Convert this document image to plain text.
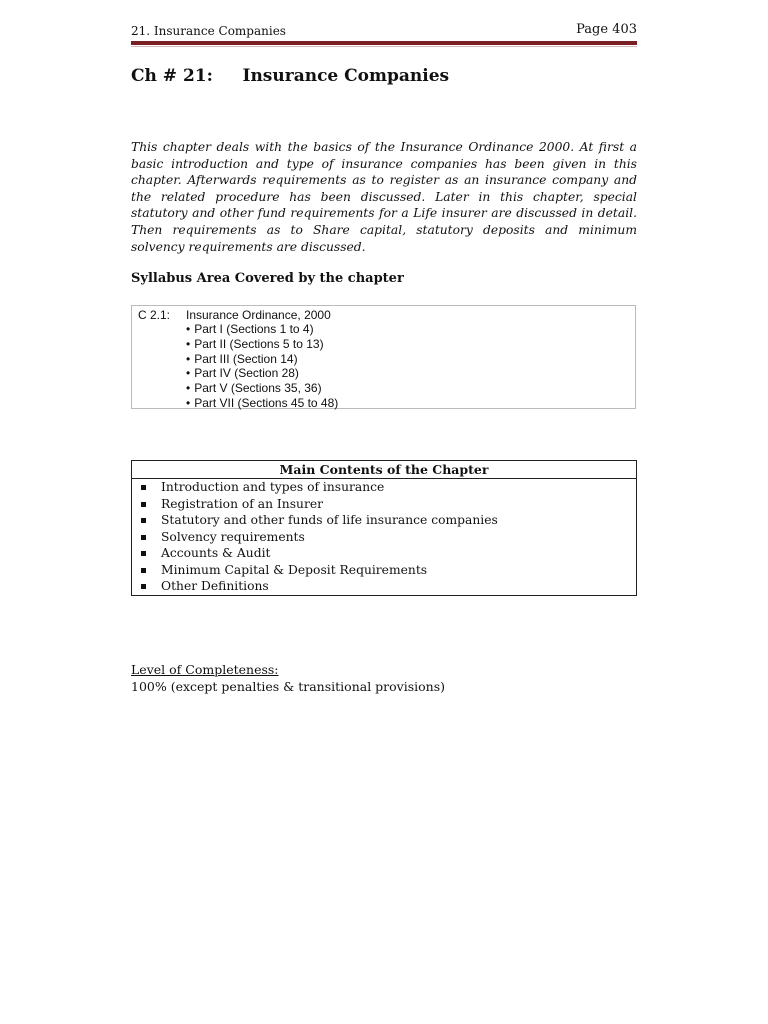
21. Insurance Companies	Page 403
Ch # 21:     Insurance Companies
This chapter deals with the basics of the Insurance Ordinance 2000. At first a basic introduction and type of insurance companies has been given in this chapter. Afterwards requirements as to register as an insurance company and the related procedure has been discussed. Later in this chapter, special statutory and other fund requirements for a Life insurer are discussed in detail. Then requirements as to Share capital, statutory deposits and minimum solvency requirements are discussed.
Syllabus Area Covered by the chapter
C 2.1: Insurance Ordinance, 2000
• Part I (Sections 1 to 4)
• Part II (Sections 5 to 13)
• Part III (Section 14)
• Part IV (Section 28)
• Part V (Sections 35, 36)
• Part VII (Sections 45 to 48)
Main Contents of the Chapter
Introduction and types of insurance
Registration of an Insurer
Statutory and other funds of life insurance companies
Solvency requirements
Accounts & Audit
Minimum Capital & Deposit Requirements
Other Definitions
Level of Completeness:
100% (except penalties & transitional provisions)
